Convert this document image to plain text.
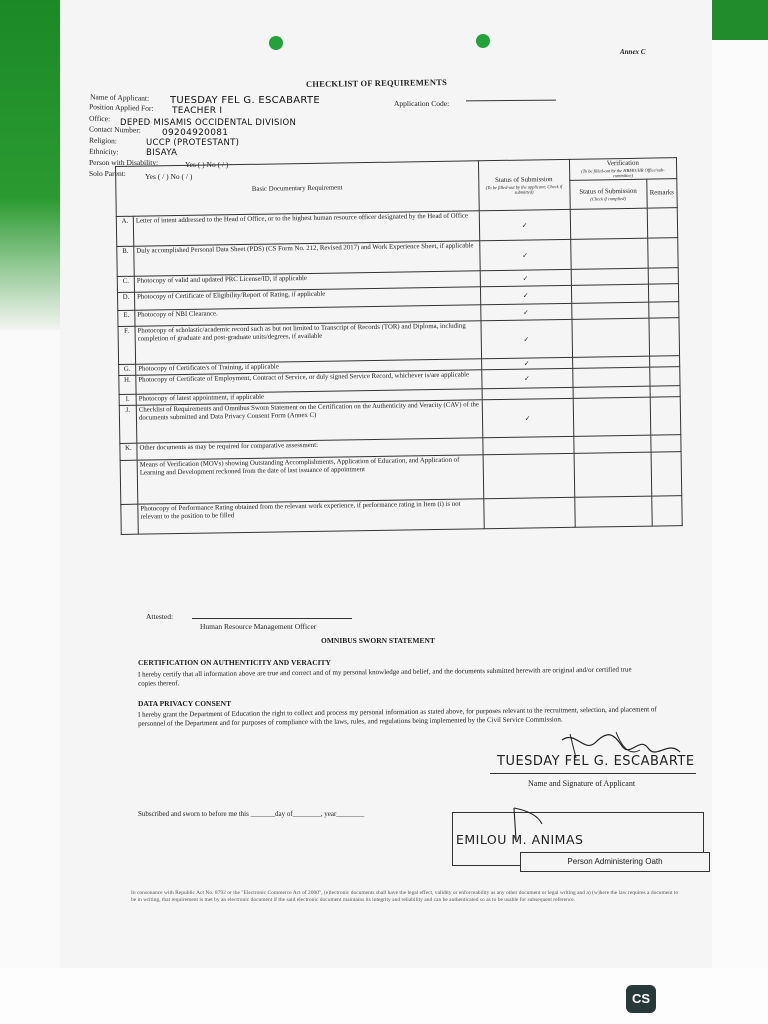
Annex C
CHECKLIST OF REQUIREMENTS
Name of Applicant: TUESDAY FEL G. ESCABARTE
Position Applied For: TEACHER I
Office: DEPED MISAMIS OCCIDENTAL DIVISION
Contact Number: 09204920081
Religion:	UCCP (PROTESTANT)
Ethnicity:	BISAYA
Person with Disability:	Yes ( ) No ( / )
Solo Parent:	Yes ( / ) No ( / )
Application Code:
Basic Documentary Requirement		Status of Submission
(To be filled-out by the applicant; Check if submitted)	Verification
(To be filled-out by the HRMO/HR Office/sub-committee)	

			Status of Submission
(Check if complied)	Remarks
A.	Letter of intent addressed to the Head of Office, or to the highest human resource officer designated by the Head of Office	✓		
B.	Duly accomplished Personal Data Sheet (PDS) (CS Form No. 212, Revised 2017) and Work Experience Sheet, if applicable	✓		
C.	Photocopy of valid and updated PRC License/ID, if applicable	✓		
D.	Photocopy of Certificate of Eligibility/Report of Rating, if applicable	✓		
E.	Photocopy of NBI Clearance.	✓		
F.	Photocopy of scholastic/academic record such as but not limited to Transcript of Records (TOR) and Diploma, including completion of graduate and post-graduate units/degrees, if available	✓		
G.	Photocopy of Certificate/s of Training, if applicable	✓		
H.	Photocopy of Certificate of Employment, Contract of Service, or duly signed Service Record, whichever is/are applicable	✓		
I.	Photocopy of latest appointment, if applicable			
J.	Checklist of Requirements and Omnibus Sworn Statement on the Certification on the Authenticity and Veracity (CAV) of the documents submitted and Data Privacy Consent Form (Annex C)	✓		
K.	Other documents as may be required for comparative assessment:			
	Means of Verification (MOVs) showing Outstanding Accomplishments, Application of Education, and Application of Learning and Development reckoned from the date of last issuance of appointment			
	Photocopy of Performance Rating obtained from the relevant work experience, if performance rating in Item (i) is not relevant to the position to be filled			
Attested:
Human Resource Management Officer
OMNIBUS SWORN STATEMENT
CERTIFICATION ON AUTHENTICITY AND VERACITY
I hereby certify that all information above are true and correct and of my personal knowledge and belief, and the documents submitted herewith are original and/or certified true copies thereof.
DATA PRIVACY CONSENT
I hereby grant the Department of Education the right to collect and process my personal information as stated above, for purposes relevant to the recruitment, selection, and placement of personnel of the Department and for purposes of compliance with the laws, rules, and regulations being implemented by the Civil Service Commission.
TUESDAY FEL G. ESCABARTE
Name and Signature of Applicant
Subscribed and sworn to before me this _______day of________, year________
EMILOU M. ANIMAS
Person Administering Oath
In consonance with Republic Act No. 8792 or the "Electronic Commerce Act of 2000", (e)lectronic documents shall have the legal effect, validity or enforceability as any other document or legal writing and a) (w)here the law requires a document to be in writing, that requirement is met by an electronic document if the said electronic document maintains its integrity and reliability and can be authenticated so as to be usable for subsequent reference.
CS
